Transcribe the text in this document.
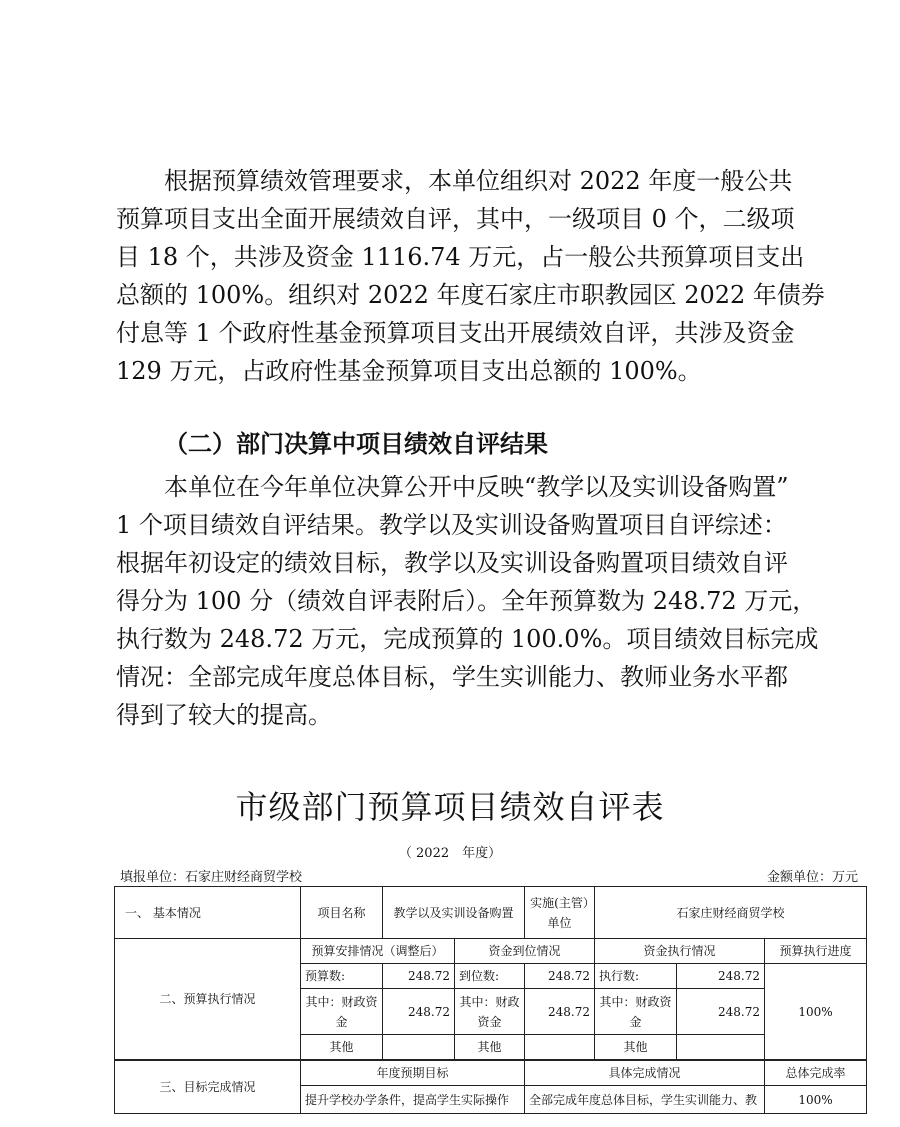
根据预算绩效管理要求，本单位组织对 2022 年度一般公共
预算项目支出全面开展绩效自评，其中，一级项目 0 个，二级项
目 18 个，共涉及资金 1116.74 万元，占一般公共预算项目支出
总额的 100%。组织对 2022 年度石家庄市职教园区 2022 年债券
付息等 1 个政府性基金预算项目支出开展绩效自评，共涉及资金
129 万元，占政府性基金预算项目支出总额的 100%。
（二）部门决算中项目绩效自评结果
本单位在今年单位决算公开中反映“教学以及实训设备购置”
1 个项目绩效自评结果。教学以及实训设备购置项目自评综述：
根据年初设定的绩效目标，教学以及实训设备购置项目绩效自评
得分为 100 分（绩效自评表附后）。全年预算数为 248.72 万元，
执行数为 248.72 万元，完成预算的 100.0%。项目绩效目标完成
情况：全部完成年度总体目标，学生实训能力、教师业务水平都
得到了较大的提高。
市级部门预算项目绩效自评表
（ 2022　年度）
填报单位：石家庄财经商贸学校	金额单位：万元
一、 基本情况	项目名称	教学以及实训设备购置		实施(主管）单位	石家庄财经商贸学校		
二、预算执行情况	预算安排情况（调整后）		资金到位情况		资金执行情况		预算执行进度
	预算数:	248.72	到位数:	248.72	执行数:	248.72	100%
	其中：财政资金	248.72	其中：财政资金	248.72	其中：财政资金	248.72	
	其他		其他		其他		
三、目标完成情况	年度预期目标	具体完成情况	总体完成率
	提升学校办学条件，提高学生实际操作	全部完成年度总体目标，学生实训能力、教	100%
